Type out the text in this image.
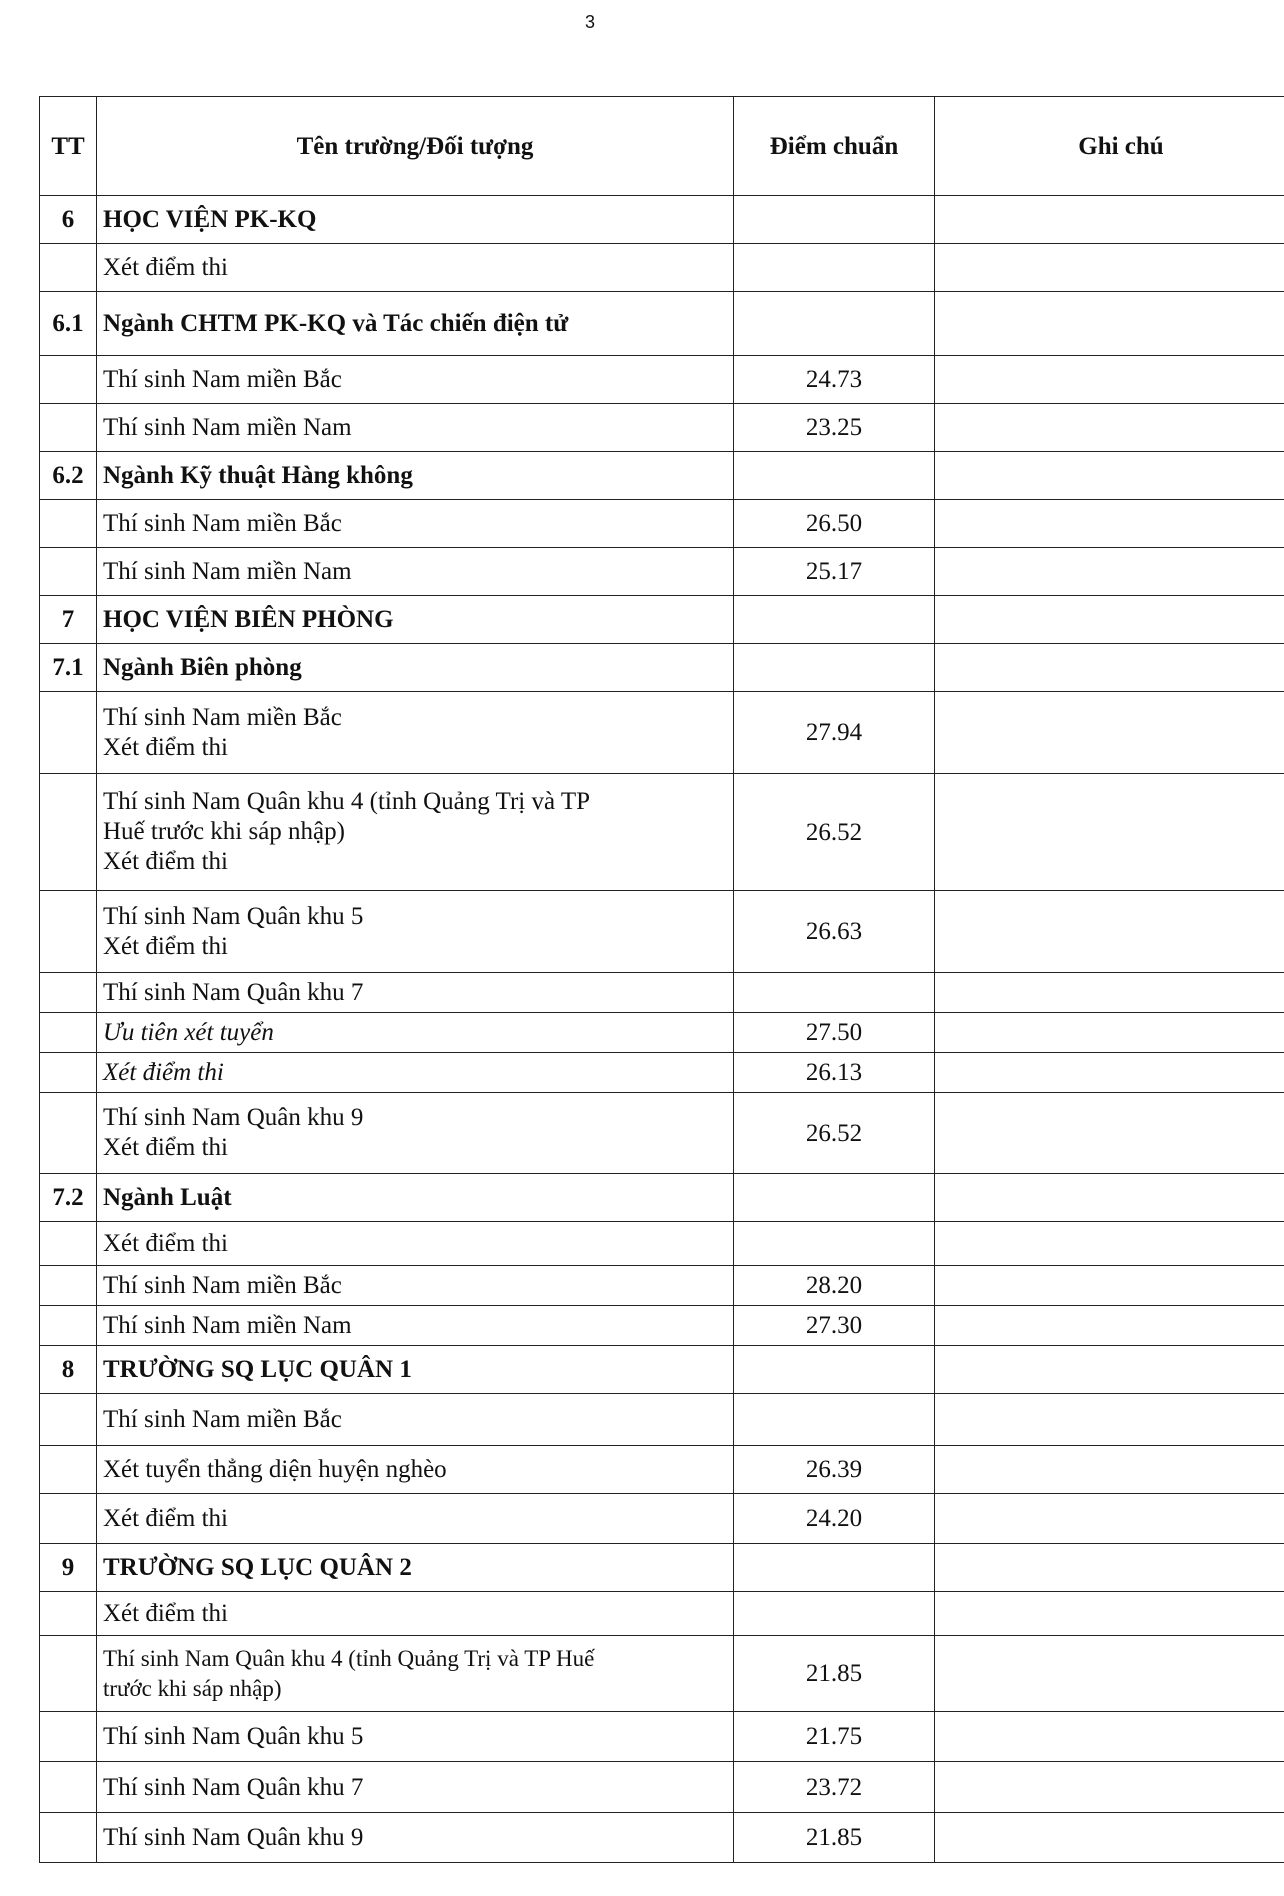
3
TT	Tên trường/Đối tượng	Điểm chuẩn	Ghi chú
6	HỌC VIỆN PK-KQ		

	Xét điểm thi		

6.1	Ngành CHTM PK-KQ và Tác chiến điện tử		

	Thí sinh Nam miền Bắc	24.73	

	Thí sinh Nam miền Nam	23.25	
6.2	Ngành Kỹ thuật Hàng không		

	Thí sinh Nam miền Bắc	26.50	

	Thí sinh Nam miền Nam	25.17	
7	HỌC VIỆN BIÊN PHÒNG		

7.1	Ngành Biên phòng		

	Thí sinh Nam miền Bắc
Xét điểm thi	27.94	

	Thí sinh Nam Quân khu 4 (tỉnh Quảng Trị và TP
Huế trước khi sáp nhập)
Xét điểm thi	26.52	

	Thí sinh Nam Quân khu 5
Xét điểm thi	26.63	

	Thí sinh Nam Quân khu 7		

	Ưu tiên xét tuyển	27.50	

	Xét điểm thi	26.13	

	Thí sinh Nam Quân khu 9
Xét điểm thi	26.52	
7.2	Ngành Luật		

	Xét điểm thi		

	Thí sinh Nam miền Bắc	28.20	

	Thí sinh Nam miền Nam	27.30	
8	TRƯỜNG SQ LỤC QUÂN 1		

	Thí sinh Nam miền Bắc		

	Xét tuyển thẳng diện huyện nghèo	26.39	

	Xét điểm thi	24.20	
9	TRƯỜNG SQ LỤC QUÂN 2		

	Xét điểm thi		

	Thí sinh Nam Quân khu 4 (tỉnh Quảng Trị và TP Huế
trước khi sáp nhập)	21.85	

	Thí sinh Nam Quân khu 5	21.75	

	Thí sinh Nam Quân khu 7	23.72	

	Thí sinh Nam Quân khu 9	21.85	
